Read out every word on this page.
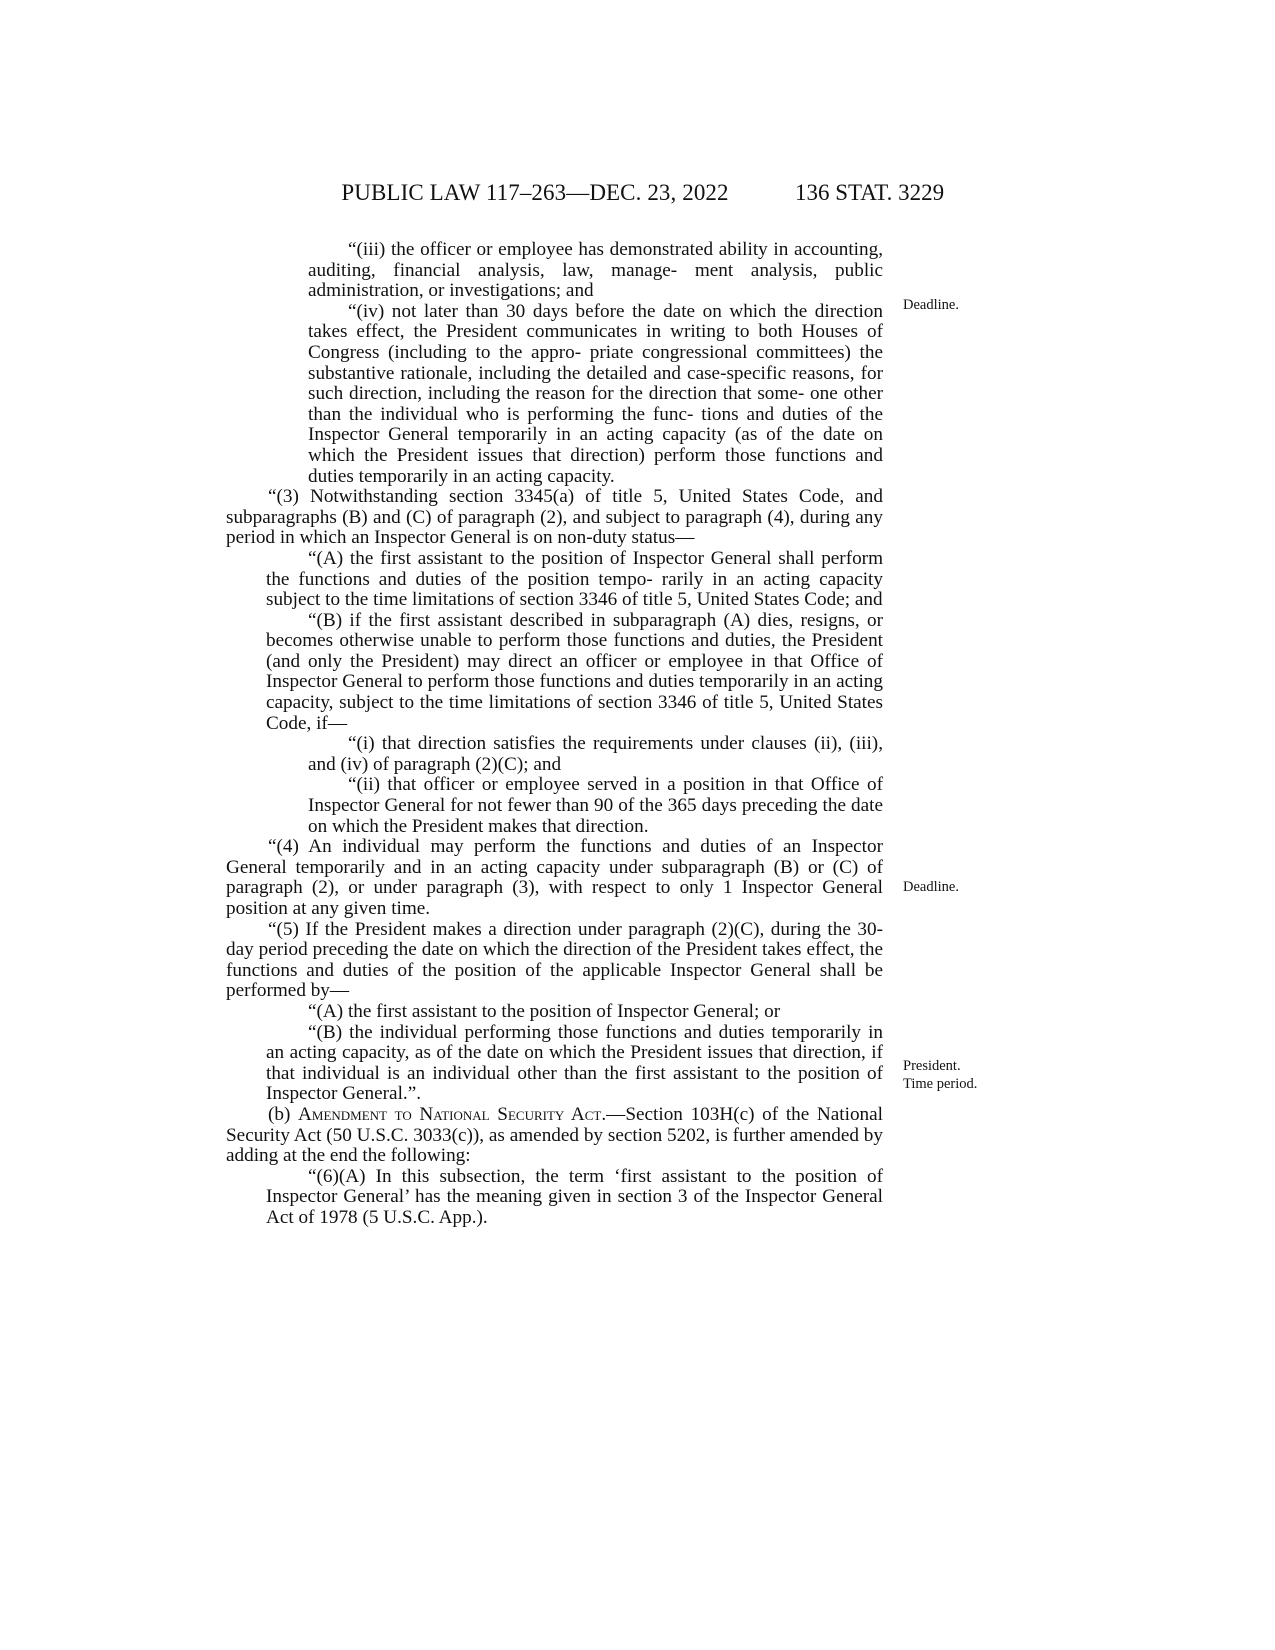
PUBLIC LAW 117–263—DEC. 23, 2022	136 STAT. 3229

“(iii) the officer or employee has demonstrated ability in accounting, auditing, financial analysis, law, manage- ment analysis, public administration, or investigations; and

“(iv) not later than 30 days before the date on which the direction takes effect, the President communicates in writing to both Houses of Congress (including to the appro- priate congressional committees) the substantive rationale, including the detailed and case-specific reasons, for such direction, including the reason for the direction that some- one other than the individual who is performing the func- tions and duties of the Inspector General temporarily in an acting capacity (as of the date on which the President issues that direction) perform those functions and duties temporarily in an acting capacity.

“(3) Notwithstanding section 3345(a) of title 5, United States Code, and subparagraphs (B) and (C) of paragraph (2), and subject to paragraph (4), during any period in which an Inspector General is on non-duty status—

“(A) the first assistant to the position of Inspector General shall perform the functions and duties of the position tempo- rarily in an acting capacity subject to the time limitations of section 3346 of title 5, United States Code; and

“(B) if the first assistant described in subparagraph (A) dies, resigns, or becomes otherwise unable to perform those functions and duties, the President (and only the President) may direct an officer or employee in that Office of Inspector General to perform those functions and duties temporarily in an acting capacity, subject to the time limitations of section 3346 of title 5, United States Code, if—

“(i) that direction satisfies the requirements under clauses (ii), (iii), and (iv) of paragraph (2)(C); and

“(ii) that officer or employee served in a position in that Office of Inspector General for not fewer than 90 of the 365 days preceding the date on which the President makes that direction.

“(4) An individual may perform the functions and duties of an Inspector General temporarily and in an acting capacity under subparagraph (B) or (C) of paragraph (2), or under paragraph (3), with respect to only 1 Inspector General position at any given time.

“(5) If the President makes a direction under paragraph (2)(C), during the 30-day period preceding the date on which the direction of the President takes effect, the functions and duties of the position of the applicable Inspector General shall be performed by—

“(A) the first assistant to the position of Inspector General; or

“(B) the individual performing those functions and duties temporarily in an acting capacity, as of the date on which the President issues that direction, if that individual is an individual other than the first assistant to the position of Inspector General.”.

(b) Amendment to National Security Act.—Section 103H(c) of the National Security Act (50 U.S.C. 3033(c)), as amended by section 5202, is further amended by adding at the end the following:

“(6)(A) In this subsection, the term ‘first assistant to the position of Inspector General’ has the meaning given in section 3 of the Inspector General Act of 1978 (5 U.S.C. App.).

Deadline.
Deadline.
President.
Time period.
